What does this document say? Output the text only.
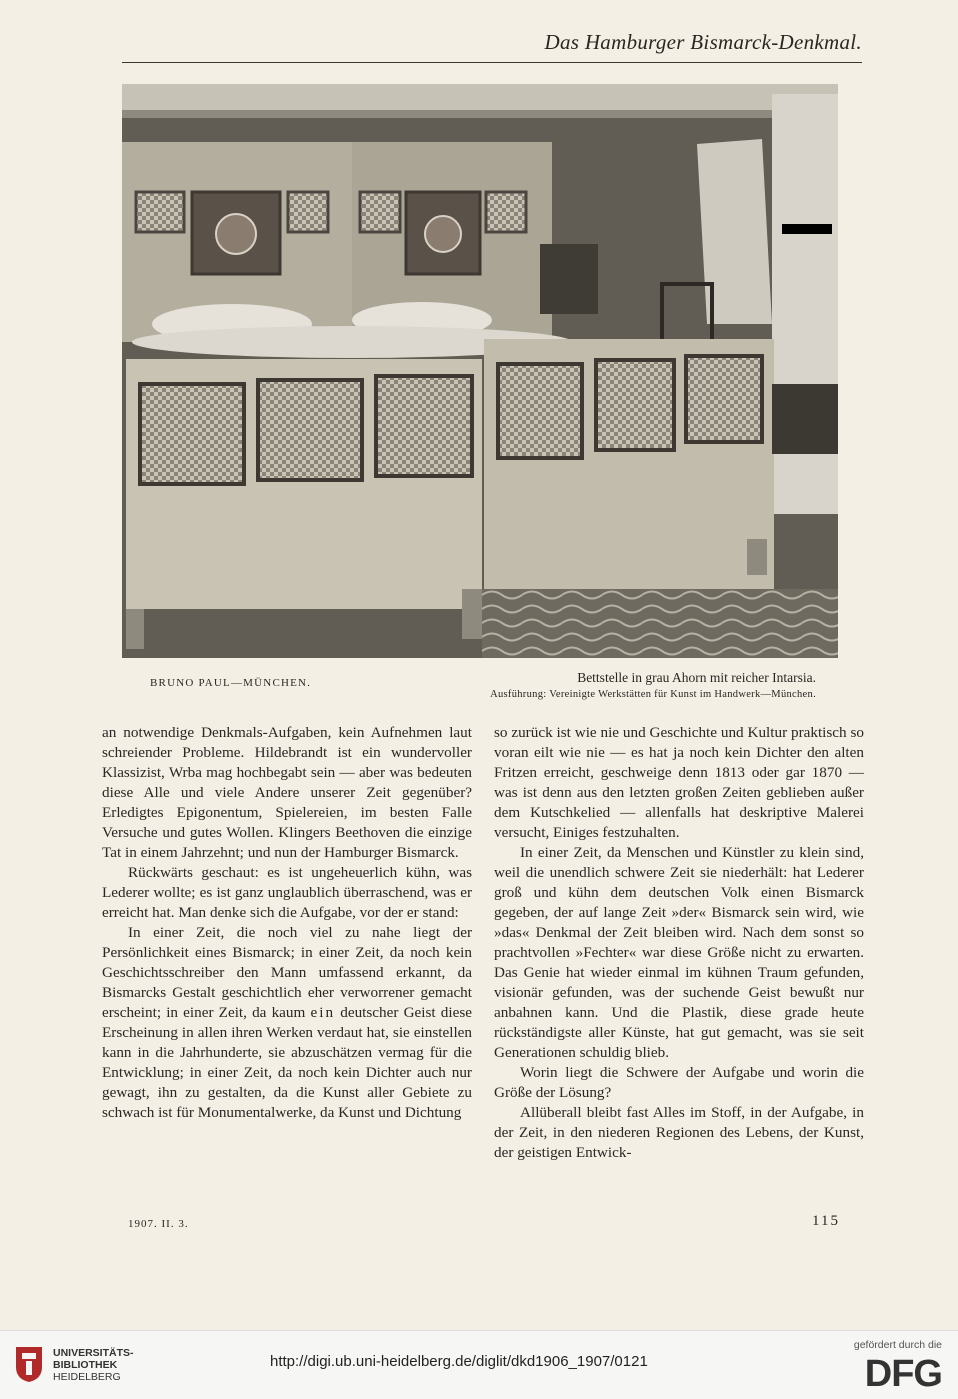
Das Hamburger Bismarck-Denkmal.
BRUNO PAUL—MÜNCHEN.	Bettstelle in grau Ahorn mit reicher Intarsia.
Ausführung: Vereinigte Werkstätten für Kunst im Handwerk—München.

an notwendige Denkmals-Aufgaben, kein Aufnehmen laut schreiender Probleme. Hildebrandt ist ein wundervoller Klassizist, Wrba mag hochbegabt sein — aber was bedeuten diese Alle und viele Andere unserer Zeit gegenüber? Erledigtes Epigonentum, Spielereien, im besten Falle Versuche und gutes Wollen. Klingers Beethoven die einzige Tat in einem Jahrzehnt; und nun der Hamburger Bismarck.

Rückwärts geschaut: es ist ungeheuerlich kühn, was Lederer wollte; es ist ganz unglaublich überraschend, was er erreicht hat. Man denke sich die Aufgabe, vor der er stand:

In einer Zeit, die noch viel zu nahe liegt der Persönlichkeit eines Bismarck; in einer Zeit, da noch kein Geschichtsschreiber den Mann umfassend erkannt, da Bismarcks Gestalt geschichtlich eher verworrener gemacht erscheint; in einer Zeit, da kaum ein deutscher Geist diese Erscheinung in allen ihren Werken verdaut hat, sie einstellen kann in die Jahrhunderte, sie abzuschätzen vermag für die Entwicklung; in einer Zeit, da noch kein Dichter auch nur gewagt, ihn zu gestalten, da die Kunst aller Gebiete zu schwach ist für Monumentalwerke, da Kunst und Dichtung

so zurück ist wie nie und Geschichte und Kultur praktisch so voran eilt wie nie — es hat ja noch kein Dichter den alten Fritzen erreicht, geschweige denn 1813 oder gar 1870 — was ist denn aus den letzten großen Zeiten geblieben außer dem Kutschkelied — allenfalls hat deskriptive Malerei versucht, Einiges festzuhalten.

In einer Zeit, da Menschen und Künstler zu klein sind, weil die unendlich schwere Zeit sie niederhält: hat Lederer groß und kühn dem deutschen Volk einen Bismarck gegeben, der auf lange Zeit »der« Bismarck sein wird, wie »das« Denkmal der Zeit bleiben wird. Nach dem sonst so prachtvollen »Fechter« war diese Größe nicht zu erwarten. Das Genie hat wieder einmal im kühnen Traum gefunden, visionär gefunden, was der suchende Geist bewußt nur anbahnen kann. Und die Plastik, diese grade heute rückständigste aller Künste, hat gut gemacht, was sie seit Generationen schuldig blieb.

Worin liegt die Schwere der Aufgabe und worin die Größe der Lösung?

Allüberall bleibt fast Alles im Stoff, in der Aufgabe, in der Zeit, in den niederen Regionen des Lebens, der Kunst, der geistigen Entwick-

1907. II. 3.	115
UNIVERSITÄTS-
BIBLIOTHEK
HEIDELBERG
http://digi.ub.uni-heidelberg.de/diglit/dkd1906_1907/0121
gefördert durch die
DFG
